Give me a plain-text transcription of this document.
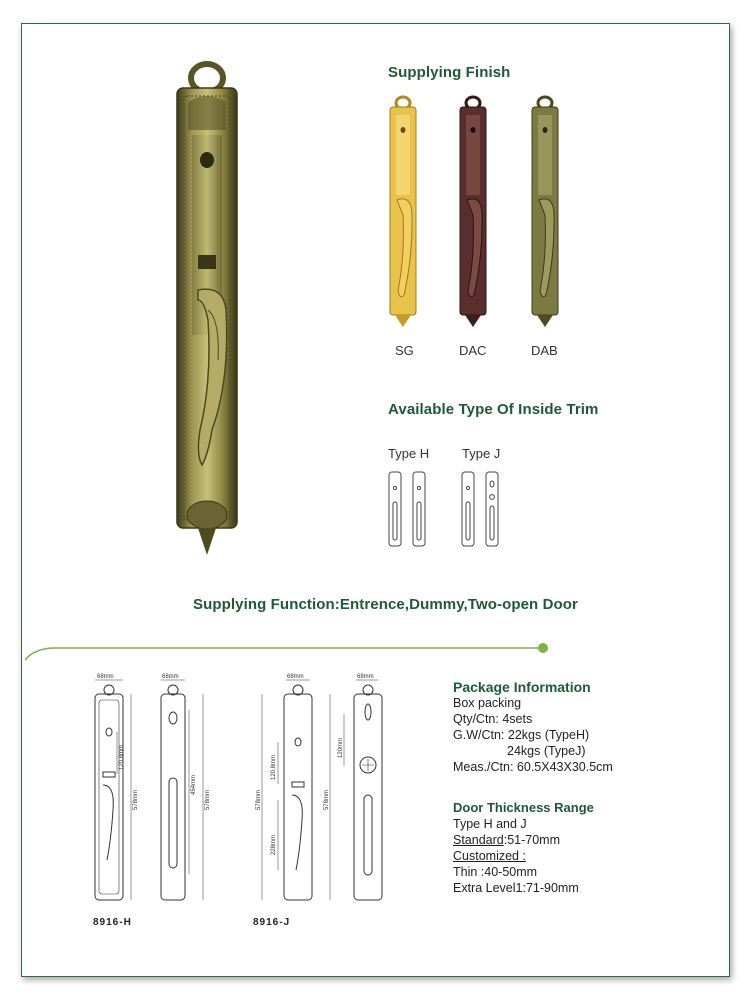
Supplying Finish
SG	DAC	DAB
Available Type Of Inside Trim
Type H	Type J
Supplying Function:Entrence,Dummy,Two-open Door
68mm
120.8mm
578mm
68mm
454mm
578mm
68mm
578mm
120.8mm
228mm
68mm
578mm
120mm
8916-H	8916-J
Package Information
Box packing
Qty/Ctn: 4sets
G.W/Ctn: 22kgs (TypeH)
24kgs (TypeJ)
Meas./Ctn: 60.5X43X30.5cm
Door Thickness Range
Type H and J
Standard:51-70mm
Customized :
Thin :40-50mm
Extra Level1:71-90mm
